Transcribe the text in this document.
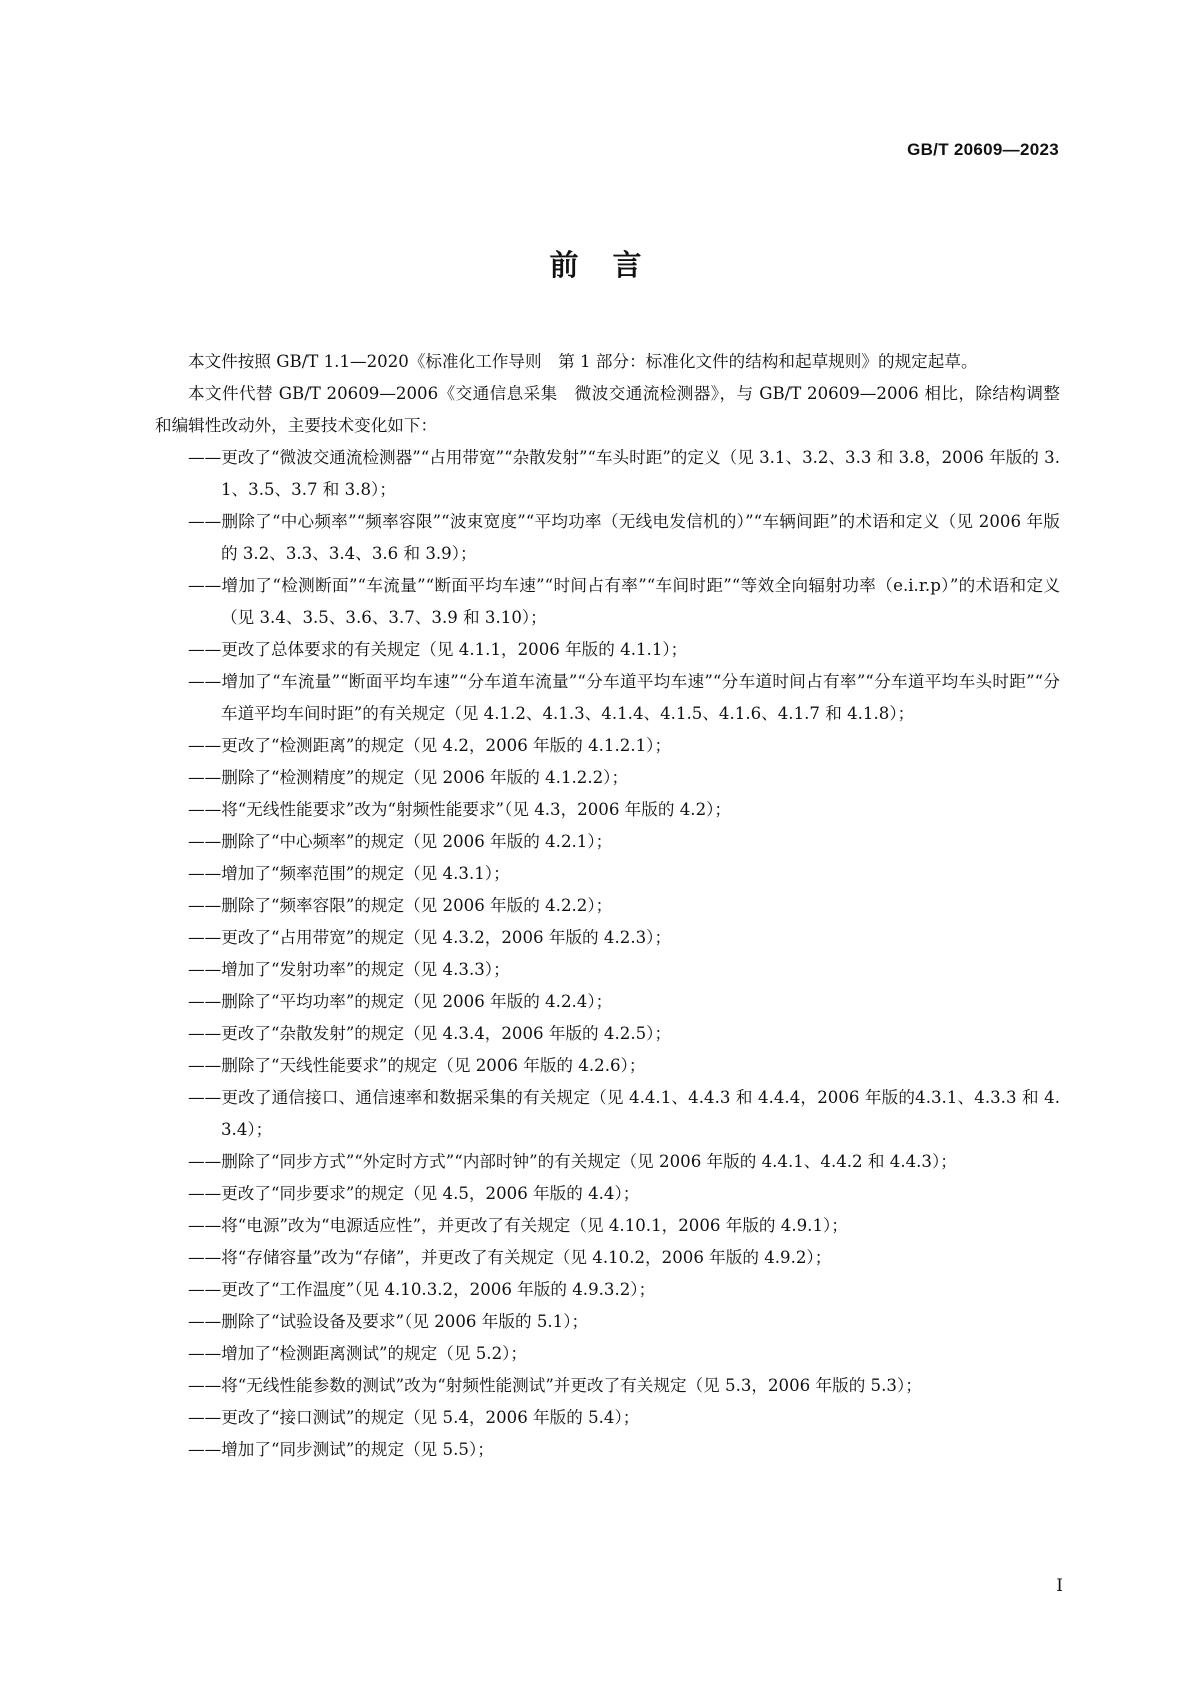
GB/T 20609—2023
前言

本文件按照 GB/T 1.1—2020《标准化工作导则　第 1 部分：标准化文件的结构和起草规则》的规定起草。

本文件代替 GB/T 20609—2006《交通信息采集　微波交通流检测器》，与 GB/T 20609—2006 相比，除结构调整和编辑性改动外，主要技术变化如下：

——更改了“微波交通流检测器”“占用带宽”“杂散发射”“车头时距”的定义（见 3.1、3.2、3.3 和 3.8，2006 年版的 3.1、3.5、3.7 和 3.8）；

——删除了“中心频率”“频率容限”“波束宽度”“平均功率（无线电发信机的）”“车辆间距”的术语和定义（见 2006 年版的 3.2、3.3、3.4、3.6 和 3.9）；

——增加了“检测断面”“车流量”“断面平均车速”“时间占有率”“车间时距”“等效全向辐射功率（e.i.r.p）”的术语和定义（见 3.4、3.5、3.6、3.7、3.9 和 3.10）；

——更改了总体要求的有关规定（见 4.1.1，2006 年版的 4.1.1）；

——增加了“车流量”“断面平均车速”“分车道车流量”“分车道平均车速”“分车道时间占有率”“分车道平均车头时距”“分车道平均车间时距”的有关规定（见 4.1.2、4.1.3、4.1.4、4.1.5、4.1.6、4.1.7 和 4.1.8）；

——更改了“检测距离”的规定（见 4.2，2006 年版的 4.1.2.1）；

——删除了“检测精度”的规定（见 2006 年版的 4.1.2.2）；

——将“无线性能要求”改为“射频性能要求”（见 4.3，2006 年版的 4.2）；

——删除了“中心频率”的规定（见 2006 年版的 4.2.1）；

——增加了“频率范围”的规定（见 4.3.1）；

——删除了“频率容限”的规定（见 2006 年版的 4.2.2）；

——更改了“占用带宽”的规定（见 4.3.2，2006 年版的 4.2.3）；

——增加了“发射功率”的规定（见 4.3.3）；

——删除了“平均功率”的规定（见 2006 年版的 4.2.4）；

——更改了“杂散发射”的规定（见 4.3.4，2006 年版的 4.2.5）；

——删除了“天线性能要求”的规定（见 2006 年版的 4.2.6）；

——更改了通信接口、通信速率和数据采集的有关规定（见 4.4.1、4.4.3 和 4.4.4，2006 年版的4.3.1、4.3.3 和 4.3.4）；

——删除了“同步方式”“外定时方式”“内部时钟”的有关规定（见 2006 年版的 4.4.1、4.4.2 和 4.4.3）；

——更改了“同步要求”的规定（见 4.5，2006 年版的 4.4）；

——将“电源”改为“电源适应性”，并更改了有关规定（见 4.10.1，2006 年版的 4.9.1）；

——将“存储容量”改为“存储”，并更改了有关规定（见 4.10.2，2006 年版的 4.9.2）；

——更改了“工作温度”（见 4.10.3.2，2006 年版的 4.9.3.2）；

——删除了“试验设备及要求”（见 2006 年版的 5.1）；

——增加了“检测距离测试”的规定（见 5.2）；

——将“无线性能参数的测试”改为“射频性能测试”并更改了有关规定（见 5.3，2006 年版的 5.3）；

——更改了“接口测试”的规定（见 5.4，2006 年版的 5.4）；

——增加了“同步测试”的规定（见 5.5）；

I
